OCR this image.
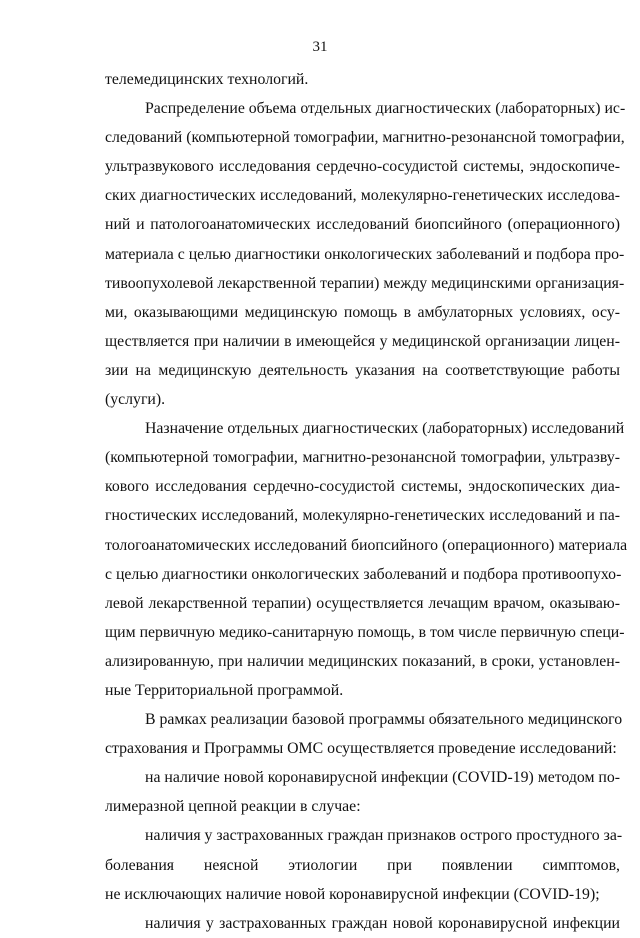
31
телемедицинских технологий.
Распределение объема отдельных диагностических (лабораторных) ис-
следований (компьютерной томографии, магнитно-резонансной томографии,
ультразвукового исследования сердечно-сосудистой системы, эндоскопиче-
ских диагностических исследований, молекулярно-генетических исследова-
ний и патологоанатомических исследований биопсийного (операционного)
материала с целью диагностики онкологических заболеваний и подбора про-
тивоопухолевой лекарственной терапии) между медицинскими организация-
ми, оказывающими медицинскую помощь в амбулаторных условиях, осу-
ществляется при наличии в имеющейся у медицинской организации лицен-
зии на медицинскую деятельность указания на соответствующие работы
(услуги).
Назначение отдельных диагностических (лабораторных) исследований
(компьютерной томографии, магнитно-резонансной томографии, ультразву-
кового исследования сердечно-сосудистой системы, эндоскопических диа-
гностических исследований, молекулярно-генетических исследований и па-
тологоанатомических исследований биопсийного (операционного) материала
с целью диагностики онкологических заболеваний и подбора противоопухо-
левой лекарственной терапии) осуществляется лечащим врачом, оказываю-
щим первичную медико-санитарную помощь, в том числе первичную специ-
ализированную, при наличии медицинских показаний, в сроки, установлен-
ные Территориальной программой.
В рамках реализации базовой программы обязательного медицинского
страхования и Программы ОМС осуществляется проведение исследований:
на наличие новой коронавирусной инфекции (COVID-19) методом по-
лимеразной цепной реакции в случае:
наличия у застрахованных граждан признаков острого простудного за-
болевания неясной этиологии при появлении симптомов,
не исключающих наличие новой коронавирусной инфекции (COVID-19);
наличия у застрахованных граждан новой коронавирусной инфекции
